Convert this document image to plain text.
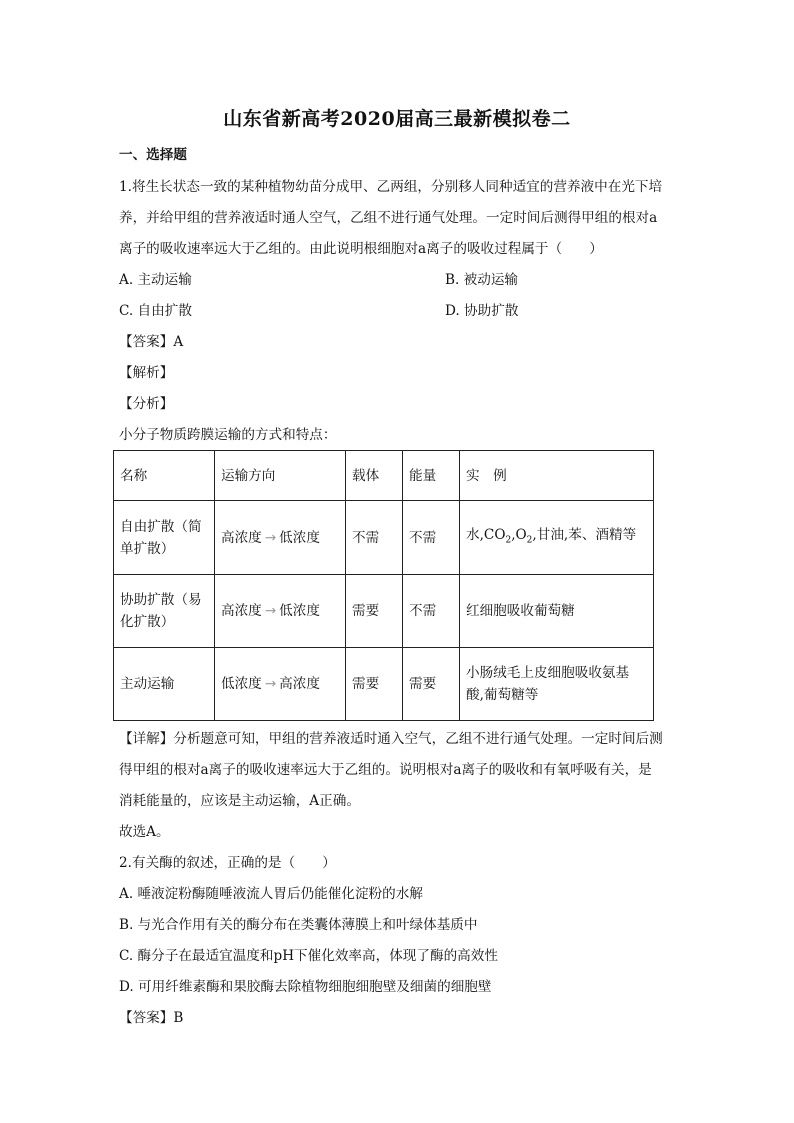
山东省新高考2020届高三最新模拟卷二
一、选择题
1.将生长状态一致的某种植物幼苗分成甲、乙两组，分别移人同种适宜的营养液中在光下培
养，并给甲组的营养液适时通人空气，乙组不进行通气处理。一定时间后测得甲组的根对a
离子的吸收速率远大于乙组的。由此说明根细胞对a离子的吸收过程属于（　　）
A. 主动运输	B. 被动运输
C. 自由扩散	D. 协助扩散
【答案】A
【解析】
【分析】
小分子物质跨膜运输的方式和特点：
名称	运输方向	载体	能量	实　例
自由扩散（简单扩散）	高浓度 → 低浓度	不需	不需	水$,CO_2,O_2$,甘油,苯、酒精等
协助扩散（易化扩散）	高浓度 → 低浓度	需要	不需	红细胞吸收葡萄糖
主动运输	低浓度 → 高浓度	需要	需要	小肠绒毛上皮细胞吸收氨基酸,葡萄糖等
【详解】分析题意可知，甲组的营养液适时通入空气，乙组不进行通气处理。一定时间后测
得甲组的根对a离子的吸收速率远大于乙组的。说明根对a离子的吸收和有氧呼吸有关，是
消耗能量的，应该是主动运输，A正确。
故选A。
2.有关酶的叙述，正确的是（　　）
A. 唾液淀粉酶随唾液流人胃后仍能催化淀粉的水解
B. 与光合作用有关的酶分布在类囊体薄膜上和叶绿体基质中
C. 酶分子在最适宜温度和pH下催化效率高，体现了酶的高效性
D. 可用纤维素酶和果胶酶去除植物细胞细胞壁及细菌的细胞壁
【答案】B
